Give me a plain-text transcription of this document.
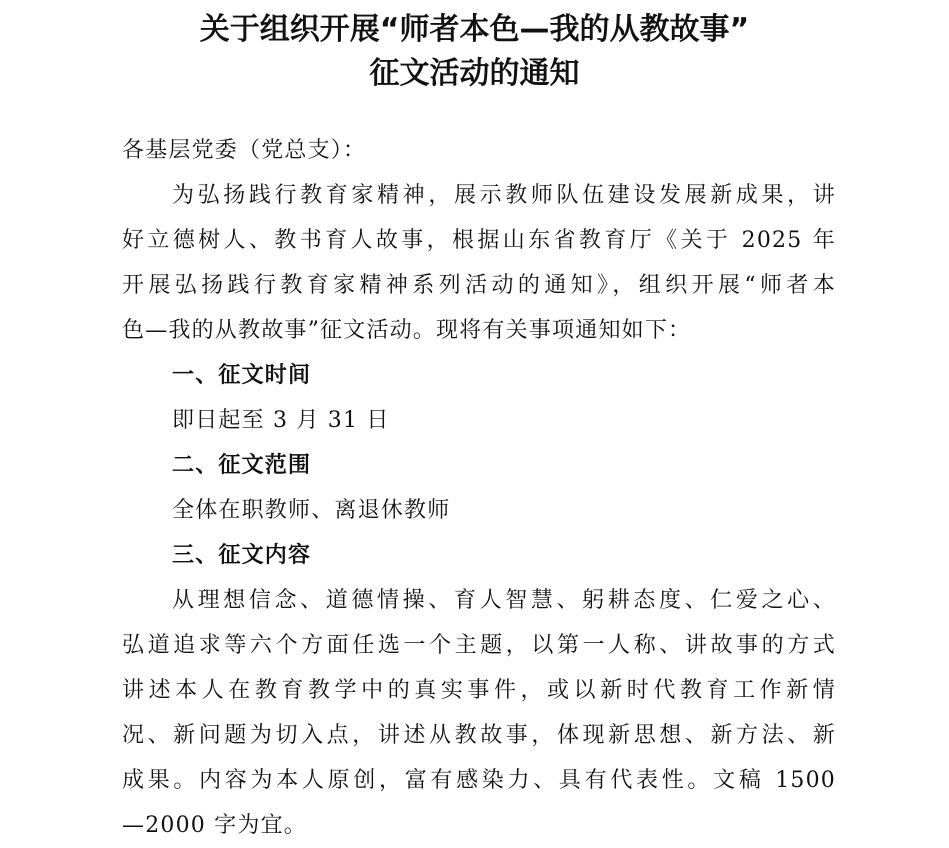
关于组织开展“师者本色—我的从教故事”
征文活动的通知

各基层党委（党总支）：

为弘扬践行教育家精神，展示教师队伍建设发展新成果，讲

好立德树人、教书育人故事，根据山东省教育厅《关于 2025 年

开展弘扬践行教育家精神系列活动的通知》，组织开展“师者本

色—我的从教故事”征文活动。现将有关事项通知如下：

一、征文时间

即日起至 3 月 31 日

二、征文范围

全体在职教师、离退休教师

三、征文内容

从理想信念、道德情操、育人智慧、躬耕态度、仁爱之心、

弘道追求等六个方面任选一个主题，以第一人称、讲故事的方式

讲述本人在教育教学中的真实事件，或以新时代教育工作新情

况、新问题为切入点，讲述从教故事，体现新思想、新方法、新

成果。内容为本人原创，富有感染力、具有代表性。文稿 1500

—2000 字为宜。
